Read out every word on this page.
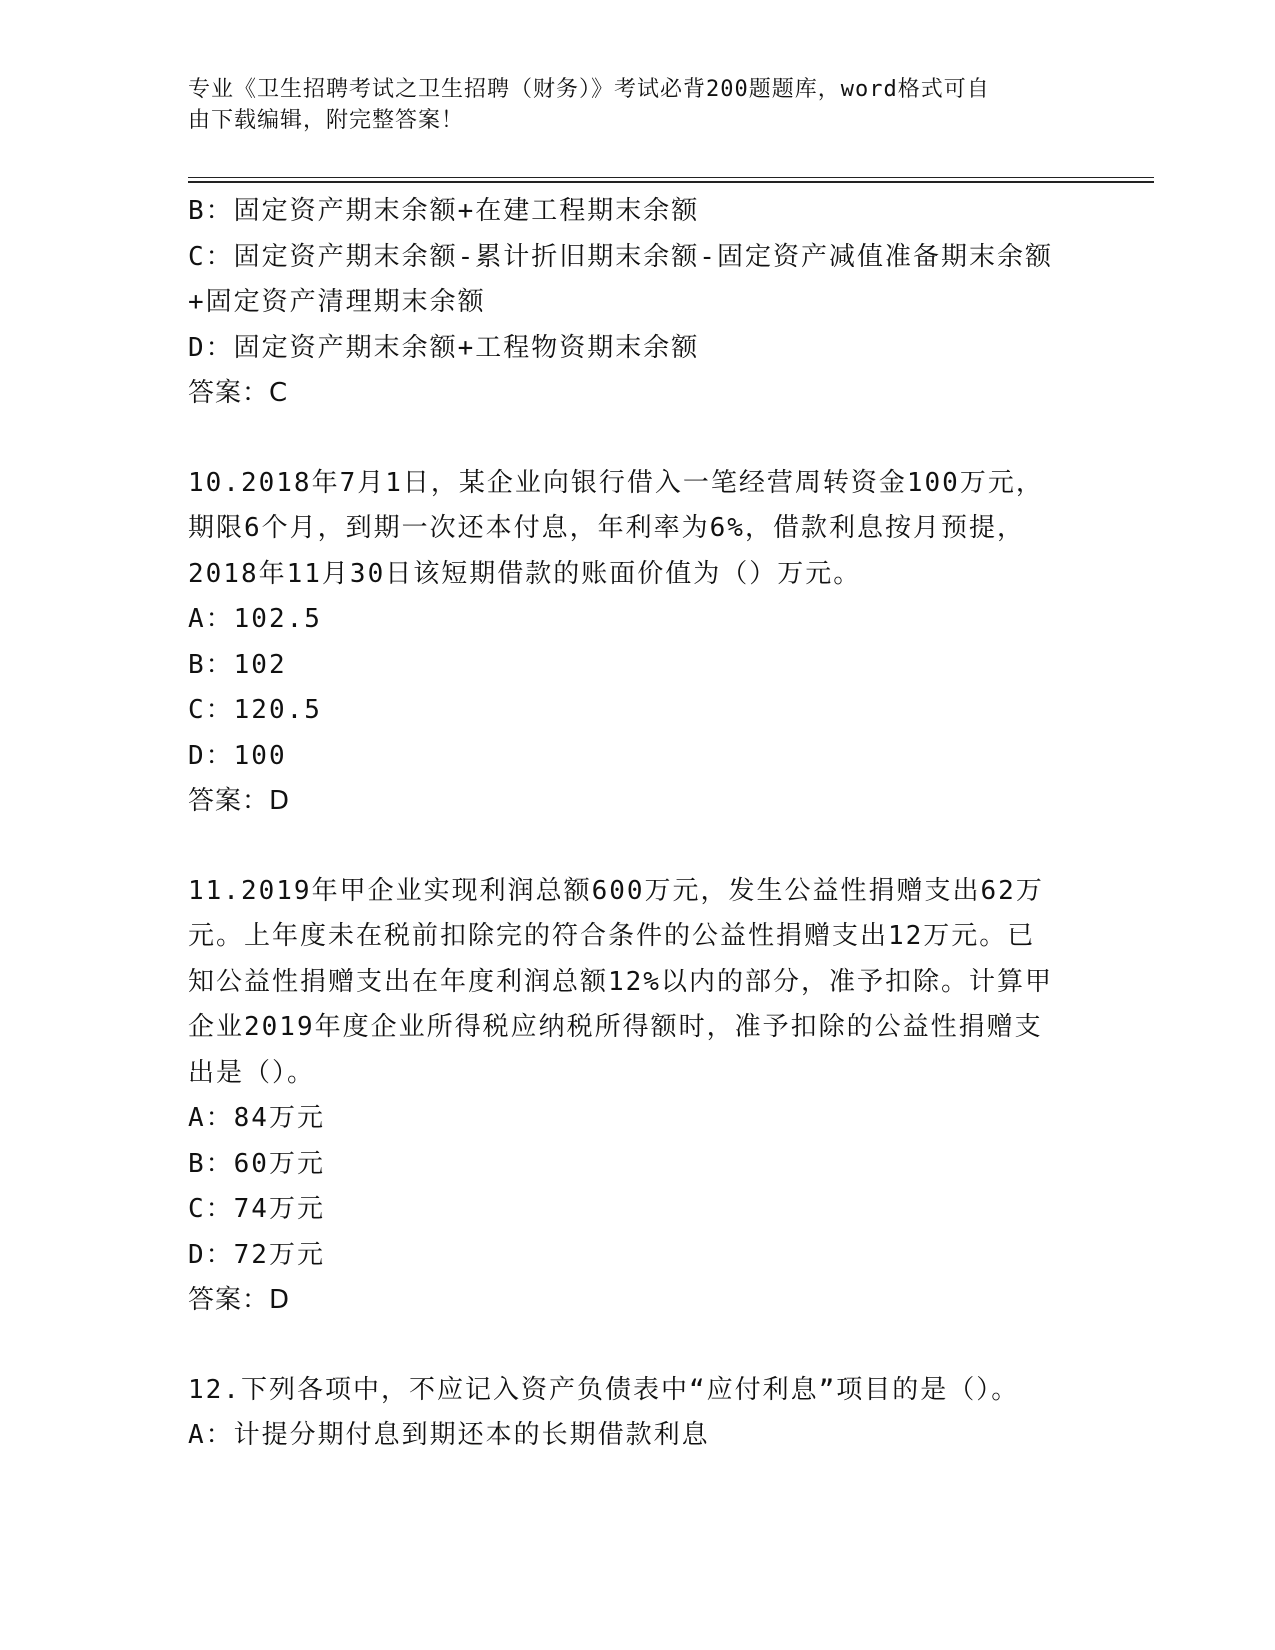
专业《卫生招聘考试之卫生招聘（财务）》考试必背200题题库，word格式可自
由下载编辑，附完整答案！
B：固定资产期末余额+在建工程期末余额
C：固定资产期末余额-累计折旧期末余额-固定资产减值准备期末余额
+固定资产清理期末余额
D：固定资产期末余额+工程物资期末余额
答案：C
10.2018年7月1日，某企业向银行借入一笔经营周转资金100万元，
期限6个月，到期一次还本付息，年利率为6%，借款利息按月预提，
2018年11月30日该短期借款的账面价值为（）万元。
A：102.5
B：102
C：120.5
D：100
答案：D
11.2019年甲企业实现利润总额600万元，发生公益性捐赠支出62万
元。上年度未在税前扣除完的符合条件的公益性捐赠支出12万元。已
知公益性捐赠支出在年度利润总额12%以内的部分，准予扣除。计算甲
企业2019年度企业所得税应纳税所得额时，准予扣除的公益性捐赠支
出是（）。
A：84万元
B：60万元
C：74万元
D：72万元
答案：D
12.下列各项中，不应记入资产负债表中“应付利息”项目的是（）。
A：计提分期付息到期还本的长期借款利息
